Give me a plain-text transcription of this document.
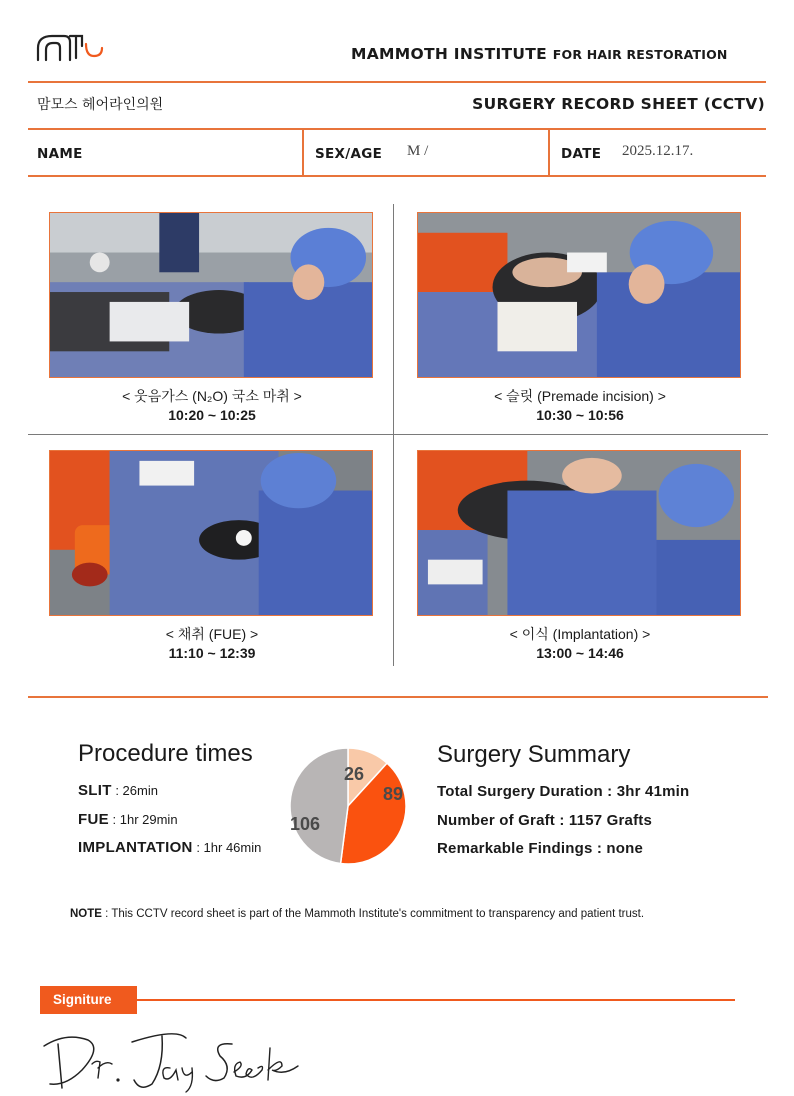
MAMMOTH INSTITUTE FOR HAIR RESTORATION
맘모스 헤어라인의원	SURGERY RECORD SHEET (CCTV)
NAME	SEX/AGE M /	DATE 2025.12.17.
< 웃음가스 (N₂O) 국소 마취 >
10:20 ~ 10:25
< 슬릿 (Premade incision) >
10:30 ~ 10:56
< 채취 (FUE) >
11:10 ~ 12:39
< 이식 (Implantation) >
13:00 ~ 14:46
Procedure times
SLIT : 26min
FUE : 1hr 29min
IMPLANTATION : 1hr 46min
26
89
106
Surgery Summary
Total Surgery Duration : 3hr 41min
Number of Graft : 1157 Grafts
Remarkable Findings : none
NOTE : This CCTV record sheet is part of the Mammoth Institute's commitment to transparency and patient trust.
Signiture
